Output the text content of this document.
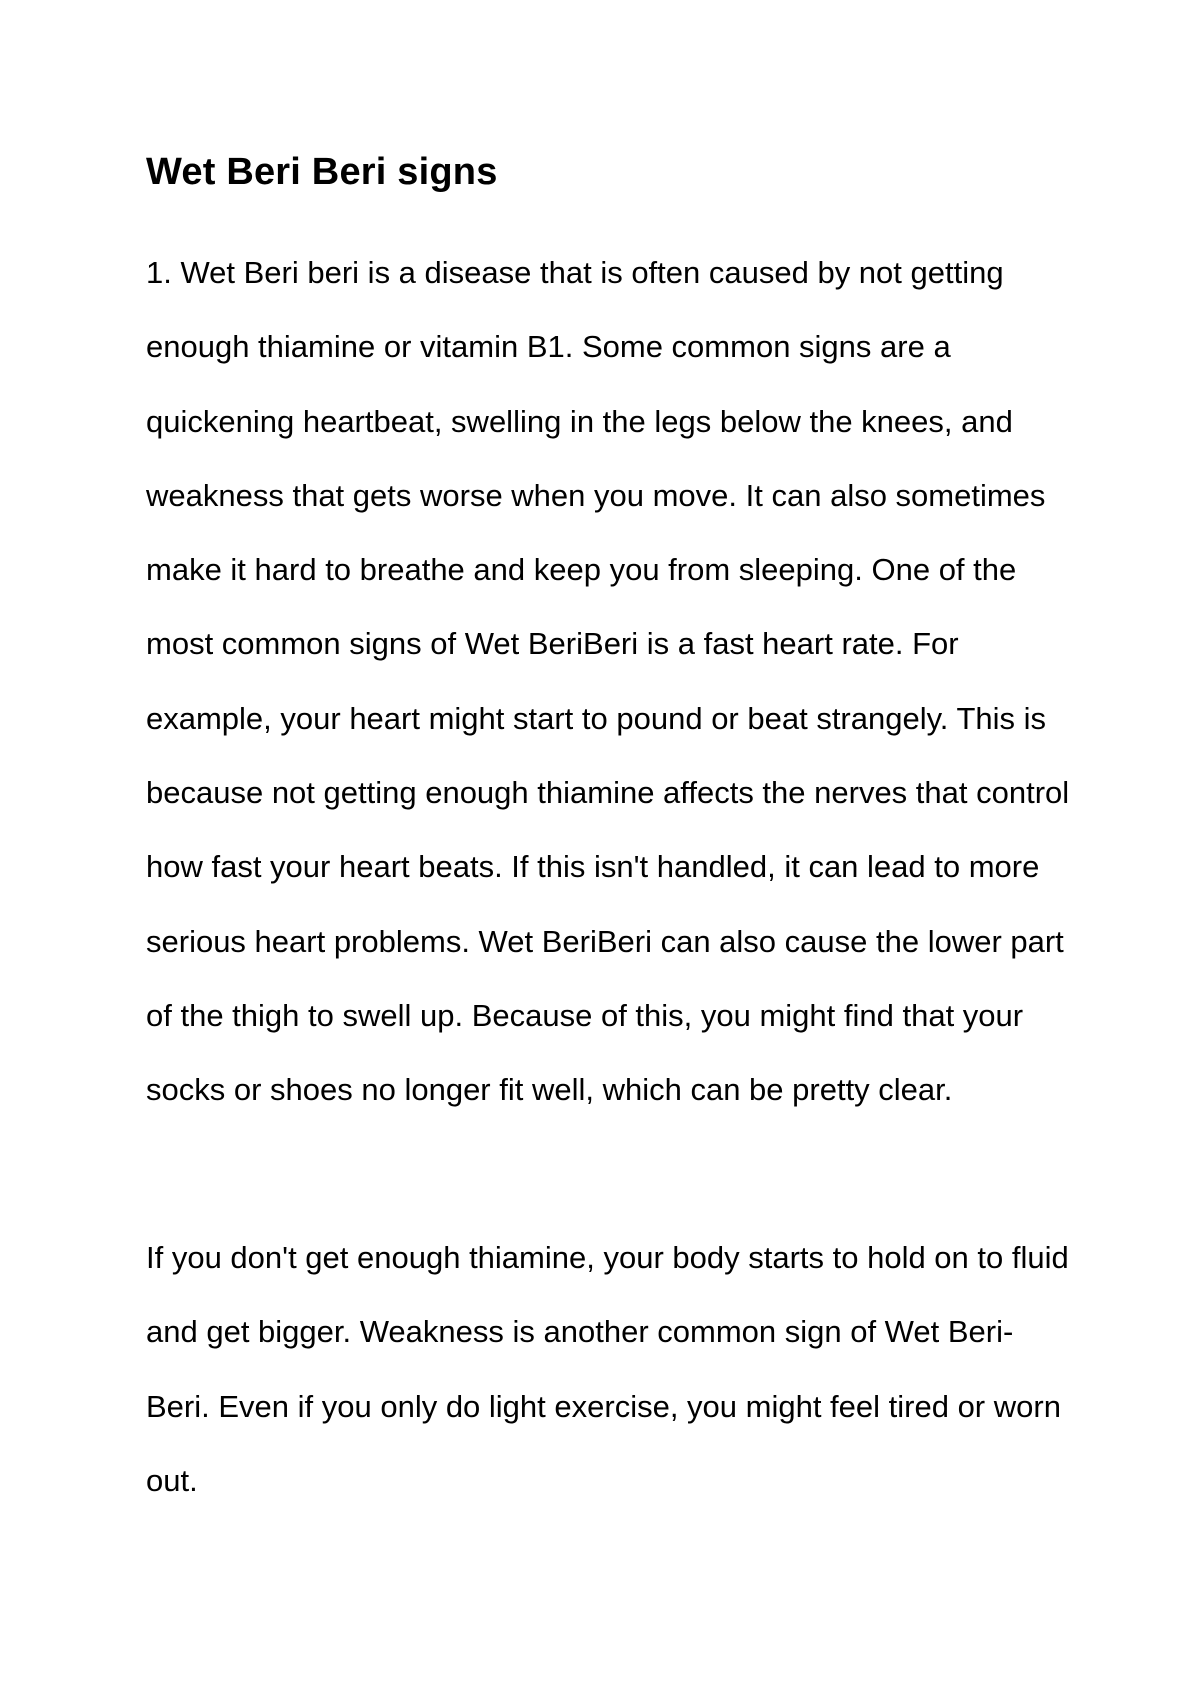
Wet Beri Beri signs

1. Wet Beri beri is a disease that is often caused by not getting enough thiamine or vitamin B1. Some common signs are a quickening heartbeat, swelling in the legs below the knees, and weakness that gets worse when you move. It can also sometimes make it hard to breathe and keep you from sleeping. One of the most common signs of Wet BeriBeri is a fast heart rate. For example, your heart might start to pound or beat strangely. This is because not getting enough thiamine affects the nerves that control how fast your heart beats. If this isn't handled, it can lead to more serious heart problems. Wet BeriBeri can also cause the lower part of the thigh to swell up. Because of this, you might find that your socks or shoes no longer fit well, which can be pretty clear.

If you don't get enough thiamine, your body starts to hold on to fluid and get bigger. Weakness is another common sign of Wet Beri-Beri. Even if you only do light exercise, you might feel tired or worn out.
